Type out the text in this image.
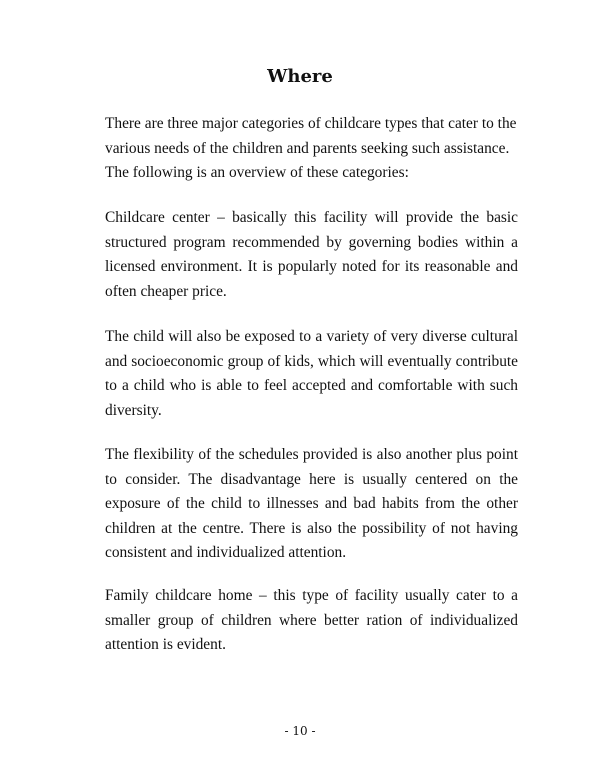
Where

There are three major categories of childcare types that cater to the various needs of the children and parents seeking such assistance. The following is an overview of these categories:

Childcare center – basically this facility will provide the basic structured program recommended by governing bodies within a licensed environment. It is popularly noted for its reasonable and often cheaper price.

The child will also be exposed to a variety of very diverse cultural and socioeconomic group of kids, which will eventually contribute to a child who is able to feel accepted and comfortable with such diversity.

The flexibility of the schedules provided is also another plus point to consider. The disadvantage here is usually centered on the exposure of the child to illnesses and bad habits from the other children at the centre. There is also the possibility of not having consistent and individualized attention.

Family childcare home – this type of facility usually cater to a smaller group of children where better ration of individualized attention is evident.

- 10 -
